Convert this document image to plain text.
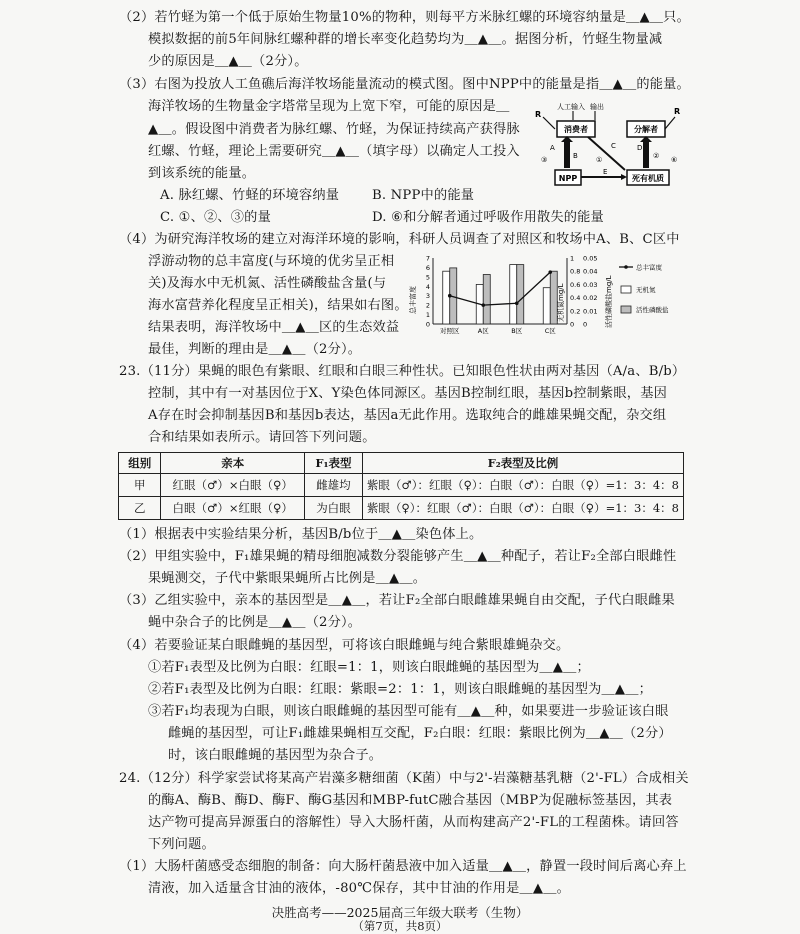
（2）若竹蛏为第一个低于原始生物量10%的物种，则每平方米脉红螺的环境容纳量是＿▲＿只。
模拟数据的前5年间脉红螺种群的增长率变化趋势均为＿▲＿。据图分析，竹蛏生物量减
少的原因是＿▲＿（2分）。
（3）右图为投放人工鱼礁后海洋牧场能量流动的模式图。图中NPP中的能量是指＿▲＿的能量。
海洋牧场的生物量金字塔常呈现为上宽下窄，可能的原因是＿
▲＿。假设图中消费者为脉红螺、竹蛏，为保证持续高产获得脉
红螺、竹蛏，理论上需要研究＿▲＿（填字母）以确定人工投入
到该系统的能量。
人工输入 输出
消费者	分解者
NPP	死有机质
R	R
A
B
C	D
E
①	②
③	⑥
A. 脉红螺、竹蛏的环境容纳量 B. NPP中的能量
C. ①、②、③的量	D. ⑥和分解者通过呼吸作用散失的能量
（4）为研究海洋牧场的建立对海洋环境的影响，科研人员调查了对照区和牧场中A、B、C区中
浮游动物的总丰富度(与环境的优劣呈正相
关)及海水中无机氮、活性磷酸盐含量(与
海水富营养化程度呈正相关)，结果如右图。
结果表明，海洋牧场中＿▲＿区的生态效益
最佳，判断的理由是＿▲＿（2分）。
总丰富度	无机氮mg/L	活性磷酸盐mg/L
7
6
5
4
3
2
1
0
1
0.8
0.6
0.4
0.2
0
0.05
0.04
0.03
0.02
0.01
0
对照区	A区	B区	C区
总丰富度
无机氮
活性磷酸盐
23.（11分）果蝇的眼色有紫眼、红眼和白眼三种性状。已知眼色性状由两对基因（A/a、B/b）
控制，其中有一对基因位于X、Y染色体同源区。基因B控制红眼，基因b控制紫眼，基因
A存在时会抑制基因B和基因b表达，基因a无此作用。选取纯合的雌雄果蝇交配，杂交组
合和结果如表所示。请回答下列问题。
组别	亲本	F₁表型	F₂表型及比例
甲	红眼（♂）×白眼（♀）	雌雄均	紫眼（♂）：红眼（♀）：白眼（♂）：白眼（♀）=1：3：4：8
乙	白眼（♂）×红眼（♀）	为白眼	紫眼（♀）：红眼（♂）：白眼（♂）：白眼（♀）=1：3：4：8
（1）根据表中实验结果分析，基因B/b位于＿▲＿染色体上。
（2）甲组实验中，F₁雄果蝇的精母细胞减数分裂能够产生＿▲＿种配子，若让F₂全部白眼雌性
果蝇测交，子代中紫眼果蝇所占比例是＿▲＿。
（3）乙组实验中，亲本的基因型是＿▲＿，若让F₂全部白眼雌雄果蝇自由交配，子代白眼雌果
蝇中杂合子的比例是＿▲＿（2分）。
（4）若要验证某白眼雌蝇的基因型，可将该白眼雌蝇与纯合紫眼雄蝇杂交。
①若F₁表型及比例为白眼：红眼=1：1，则该白眼雌蝇的基因型为＿▲＿；
②若F₁表型及比例为白眼：红眼：紫眼=2：1：1，则该白眼雌蝇的基因型为＿▲＿；
③若F₁均表现为白眼，则该白眼雌蝇的基因型可能有＿▲＿种，如果要进一步验证该白眼
雌蝇的基因型，可让F₁雌雄果蝇相互交配，F₂白眼：红眼：紫眼比例为＿▲＿（2分）
时，该白眼雌蝇的基因型为杂合子。
24.（12分）科学家尝试将某高产岩藻多糖细菌（K菌）中与2'-岩藻糖基乳糖（2'-FL）合成相关
的酶A、酶B、酶D、酶F、酶G基因和MBP-futC融合基因（MBP为促融标签基因，其表
达产物可提高异源蛋白的溶解性）导入大肠杆菌，从而构建高产2'-FL的工程菌株。请回答
下列问题。
（1）大肠杆菌感受态细胞的制备：向大肠杆菌悬液中加入适量＿▲＿，静置一段时间后离心弃上
清液，加入适量含甘油的液体，-80℃保存，其中甘油的作用是＿▲＿。
决胜高考——2025届高三年级大联考（生物）
（第7页，共8页）
